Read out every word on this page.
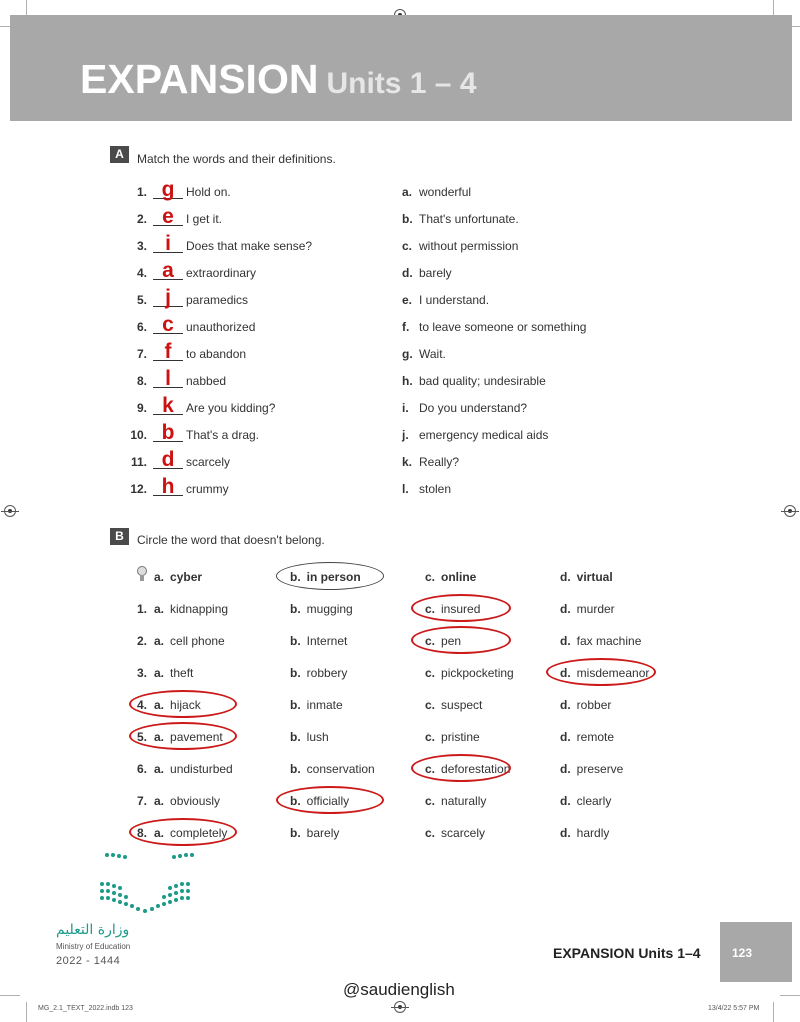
EXPANSION Units 1 – 4
A	Match the words and their definitions.
1. g Hold on.	a. wonderful
2. e	I get it.	b. That's unfortunate.
3. i	Does that make sense?	c. without permission
4. a	extraordinary	d. barely
5. j	paramedics	e. I understand.
6. c	unauthorized	f. to leave someone or something
7. f	to abandon	g. Wait.
8. l	nabbed	h. bad quality; undesirable
9. k	Are you kidding?	i. Do you understand?
10. b That's a drag.	j. emergency medical aids
11. d scarcely	k. Really?
12. h crummy	l. stolen
B	Circle the word that doesn't belong.
a. cyber	b. in person	c. online	d. virtual
1. a. kidnapping	b. mugging	c. insured	d. murder
2. a. cell phone	b. Internet	c. pen	d. fax machine
3. a. theft	b. robbery	c. pickpocketing	d. misdemeanor
4. a. hijack	b. inmate	c. suspect	d. robber
5. a. pavement	b. lush	c. pristine	d. remote
6. a. undisturbed	b. conservation	c. deforestation	d. preserve
7. a. obviously	b. officially	c. naturally	d. clearly
8. a. completely	b. barely	c. scarcely	d. hardly
وزارة التعليم
Ministry of Education
2022 - 1444	EXPANSION Units 1–4	123
@saudienglish
MG_2.1_TEXT_2022.indb 123	13/4/22 5:57 PM
